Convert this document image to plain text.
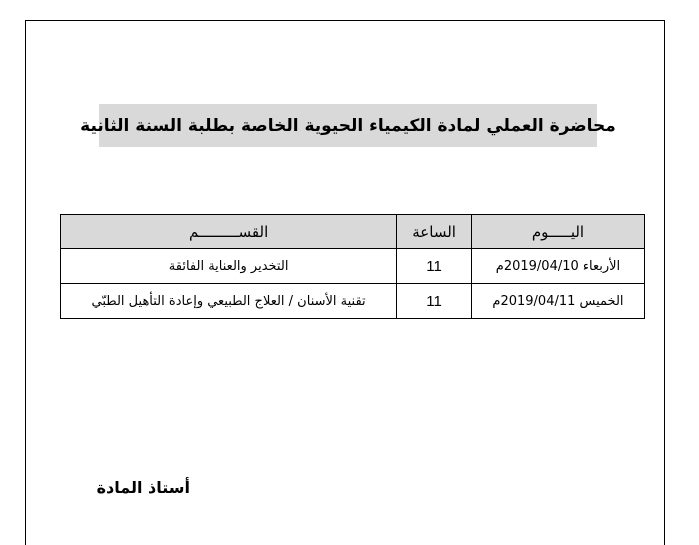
محاضرة العملي لمادة الكيمياء الحيوية الخاصة بطلبة السنة الثانية
اليـــــوم	الساعة	القســـــــــم
الأربعاء 2019/04/10م	11	التخدير والعناية الفائقة
الخميس 2019/04/11م	11	تقنية الأسنان / العلاج الطبيعي وإعادة التأهيل الطبّي
أستاذ المادة
